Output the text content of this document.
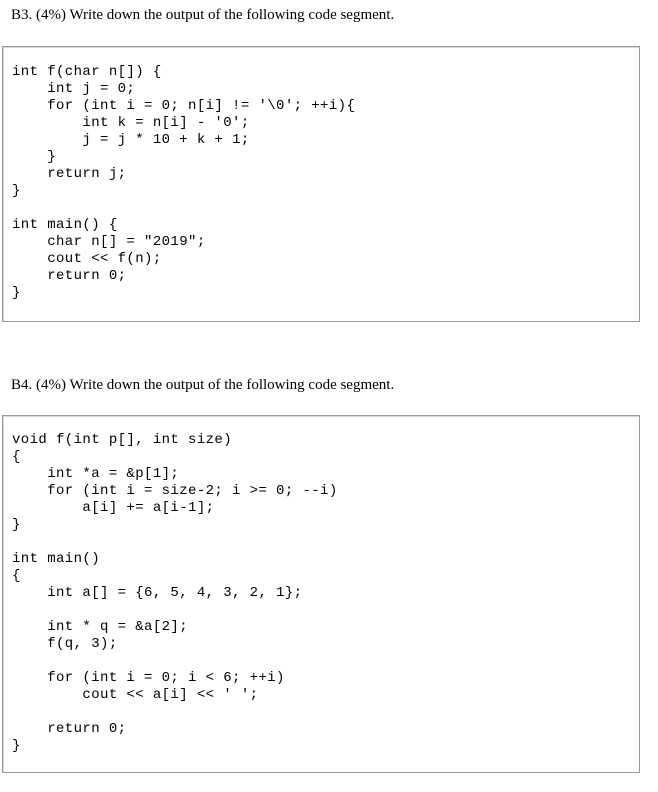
B3. (4%) Write down the output of the following code segment.
int f(char n[]) {
int j = 0;
for (int i = 0; n[i] != '\0'; ++i){
int k = n[i] - '0';
j = j * 10 + k + 1;
}
return j;
}
int main() {
char n[] = "2019";
cout << f(n);
return 0;
}
B4. (4%) Write down the output of the following code segment.
void f(int p[], int size)
{
int *a = &p[1];
for (int i = size-2; i >= 0; --i)
a[i] += a[i-1];
}
int main()
{
int a[] = {6, 5, 4, 3, 2, 1};
int * q = &a[2];
f(q, 3);
for (int i = 0; i < 6; ++i)
cout << a[i] << ' ';
return 0;
}
